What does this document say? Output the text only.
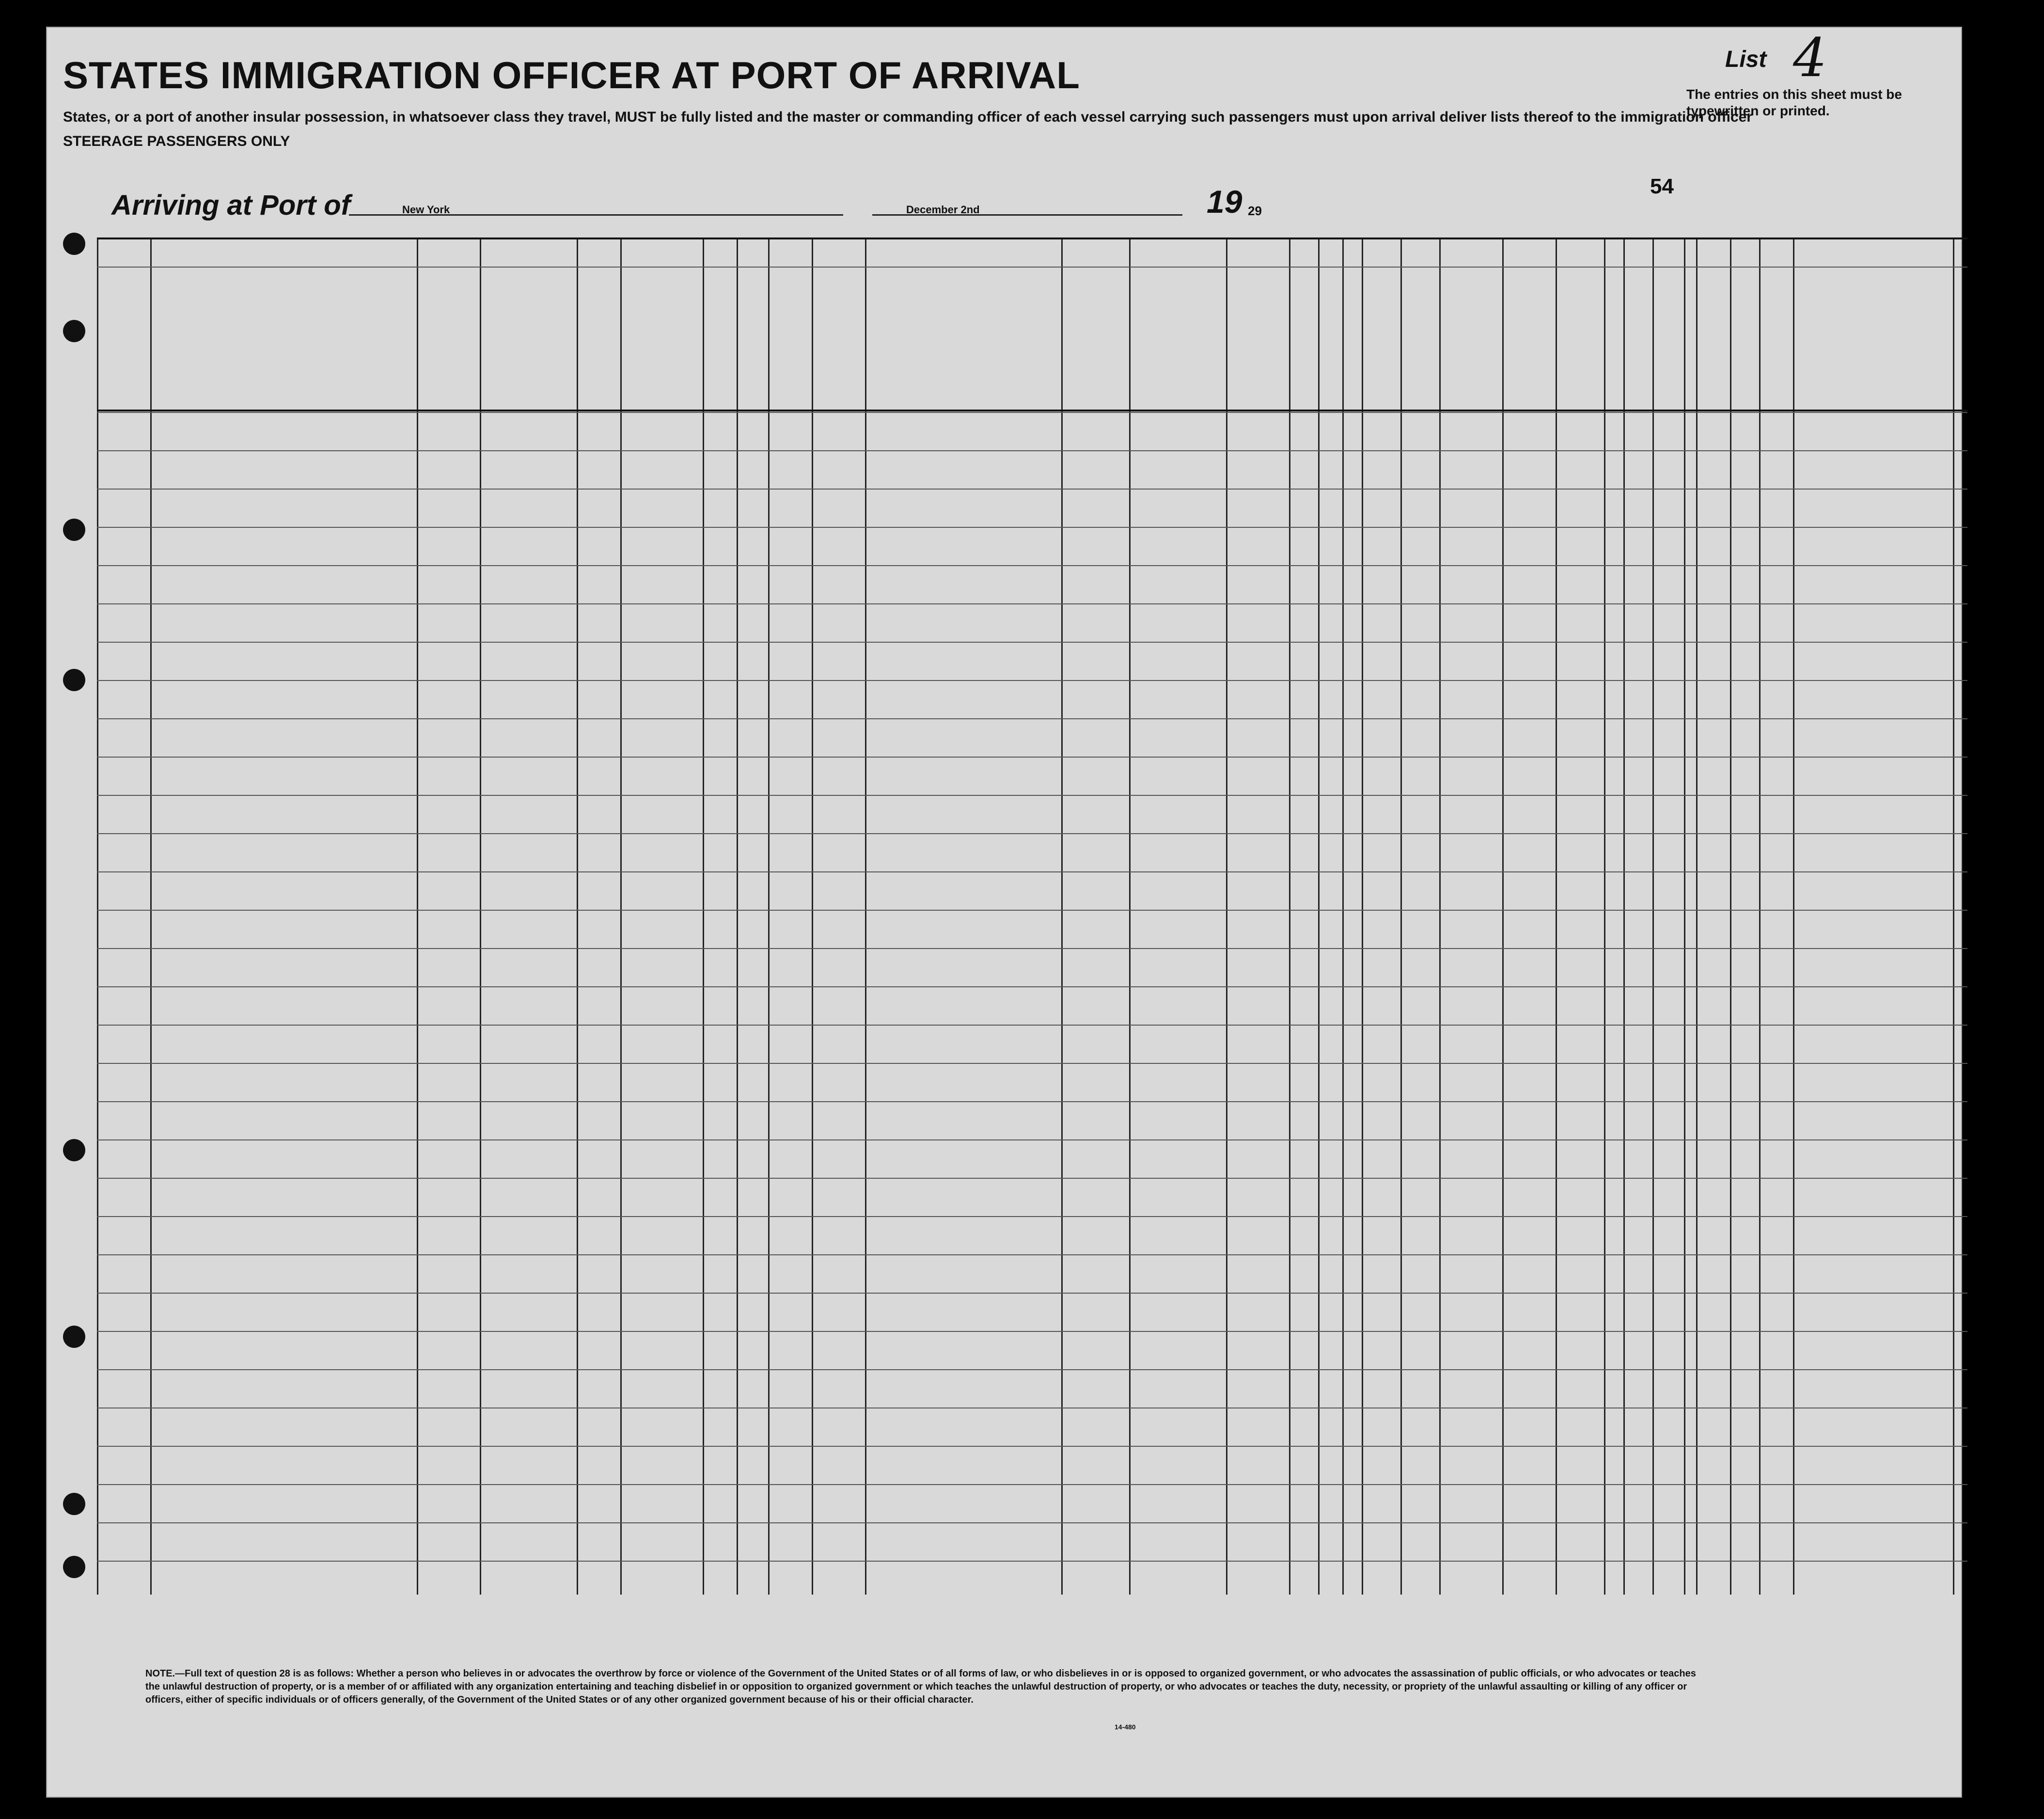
STATES IMMIGRATION OFFICER AT PORT OF ARRIVAL
States, or a port of another insular possession, in whatsoever class they travel, MUST be fully listed and the master or commanding officer of each vessel carrying such passengers must upon arrival deliver lists thereof to the immigration officer
STEERAGE PASSENGERS ONLY
List 4
The entries on this sheet must be typewritten or printed.
Arriving at Port of	New York	December 2nd	19 29
54
NOTE.—Full text of question 28 is as follows: Whether a person who believes in or advocates the overthrow by force or violence of the Government of the United States or of all forms of law, or who disbelieves in or is opposed to organized government, or who advocates the assassination of public officials, or who advocates or teaches the unlawful destruction of property, or is a member of or affiliated with any organization entertaining and teaching disbelief in or opposition to organized government or which teaches the unlawful destruction of property, or who advocates or teaches the duty, necessity, or propriety of the unlawful assaulting or killing of any officer or officers, either of specific individuals or of officers generally, of the Government of the United States or of any other organized government because of his or their official character.
14-480
